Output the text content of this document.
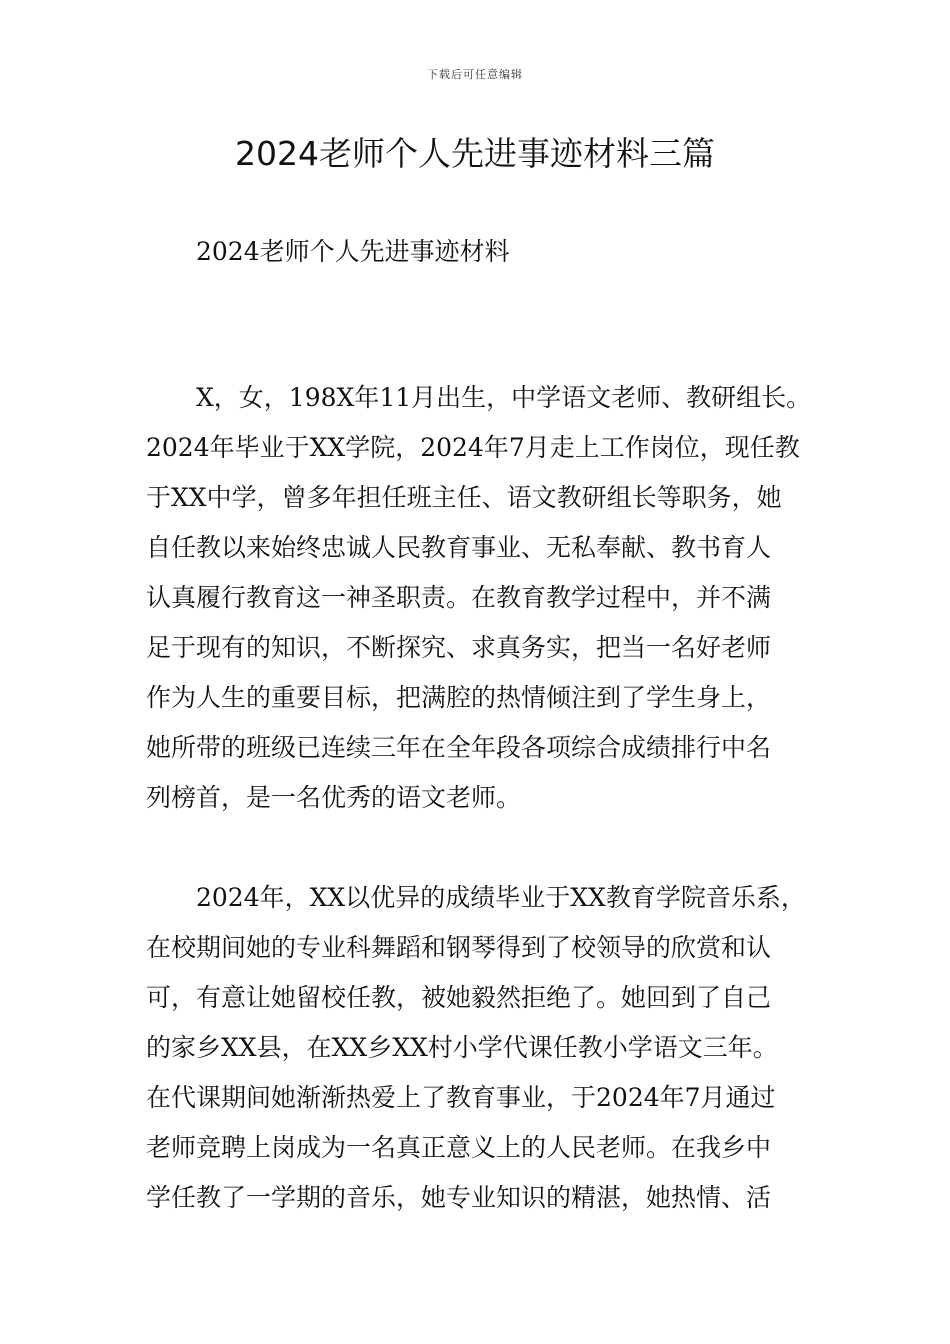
下载后可任意编辑
2024老师个人先进事迹材料三篇

2024老师个人先进事迹材料

　　X，女，198X年11月出生，中学语文老师、教研组长。
2024年毕业于XX学院，2024年7月走上工作岗位，现任教
于XX中学，曾多年担任班主任、语文教研组长等职务，她
自任教以来始终忠诚人民教育事业、无私奉献、教书育人
认真履行教育这一神圣职责。在教育教学过程中，并不满
足于现有的知识，不断探究、求真务实，把当一名好老师
作为人生的重要目标，把满腔的热情倾注到了学生身上，
她所带的班级已连续三年在全年段各项综合成绩排行中名
列榜首，是一名优秀的语文老师。

　　2024年，XX以优异的成绩毕业于XX教育学院音乐系，
在校期间她的专业科舞蹈和钢琴得到了校领导的欣赏和认
可，有意让她留校任教，被她毅然拒绝了。她回到了自己
的家乡XX县，在XX乡XX村小学代课任教小学语文三年。
在代课期间她渐渐热爱上了教育事业，于2024年7月通过
老师竞聘上岗成为一名真正意义上的人民老师。在我乡中
学任教了一学期的音乐，她专业知识的精湛，她热情、活
